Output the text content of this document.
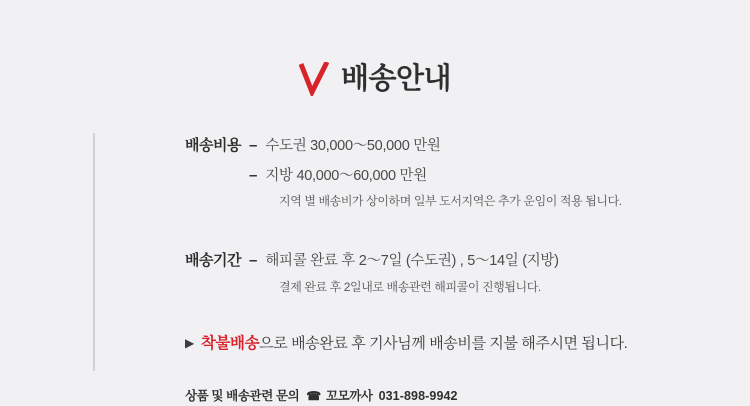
배송안내
배송비용 – 수도권 30,000〜50,000 만원
– 지방 40,000〜60,000 만원
지역 별 배송비가 상이하며 일부 도서지역은 추가 운임이 적용 됩니다.
배송기간 – 해피콜 완료 후 2〜7일 (수도권) , 5〜14일 (지방)
결제 완료 후 2일내로 배송관련 해피콜이 진행됩니다.
▶ 착불배송 으로 배송완료 후 기사님께 배송비를 지불 해주시면 됩니다.
상품 및 배송관련 문의 ☎ 꼬모까사 031-898-9942
